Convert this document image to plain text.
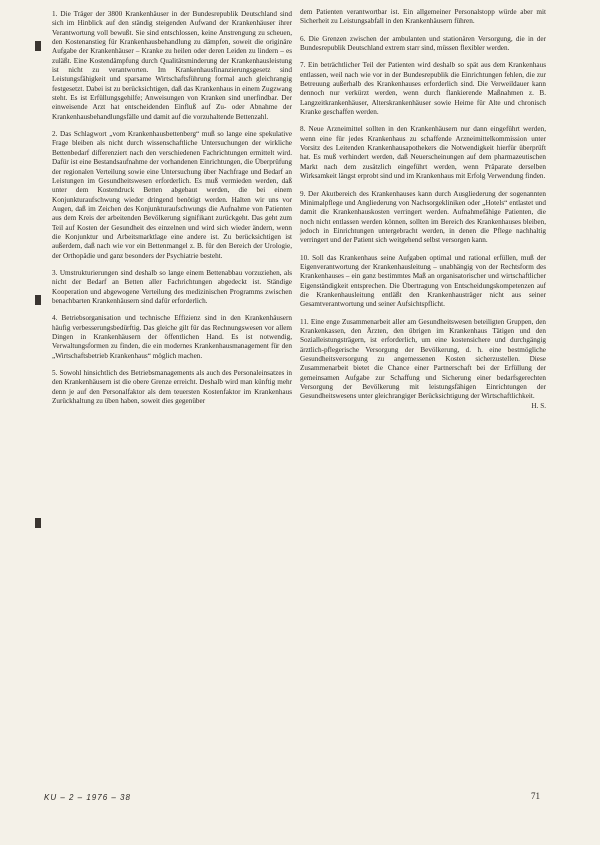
1. Die Träger der 3800 Krankenhäuser in der Bundesrepublik Deutschland sind sich im Hinblick auf den ständig steigenden Aufwand der Krankenhäuser ihrer Verantwortung voll bewußt. Sie sind entschlossen, keine Anstrengung zu scheuen, den Kostenanstieg für Krankenhausbehandlung zu dämpfen, soweit die originäre Aufgabe der Krankenhäuser – Kranke zu heilen oder deren Leiden zu lindern – es zuläßt. Eine Kostendämpfung durch Qualitätsminderung der Krankenhausleistung ist nicht zu verantworten. Im Krankenhausfinanzierungsgesetz sind Leistungsfähigkeit und sparsame Wirtschaftsführung formal auch gleichrangig festgesetzt. Dabei ist zu berücksichtigen, daß das Krankenhaus in einem Zugzwang steht. Es ist Erfüllungsgehilfe; Anweisungen von Kranken sind unerfindbar. Der einweisende Arzt hat entscheidenden Einfluß auf Zu- oder Abnahme der Krankenhausbehandlungsfälle und damit auf die vorzuhaltende Bettenzahl.

2. Das Schlagwort „vom Krankenhausbettenberg“ muß so lange eine spekulative Frage bleiben als nicht durch wissenschaftliche Untersuchungen der wirkliche Bettenbedarf differenziert nach den verschiedenen Fachrichtungen ermittelt wird. Dafür ist eine Bestandsaufnahme der vorhandenen Einrichtungen, die Überprüfung der regionalen Verteilung sowie eine Untersuchung über Nachfrage und Bedarf an Leistungen im Gesundheitswesen erforderlich. Es muß vermieden werden, daß unter dem Kostendruck Betten abgebaut werden, die bei einem Konjunkturaufschwung wieder dringend benötigt werden. Halten wir uns vor Augen, daß im Zeichen des Konjunkturaufschwungs die Aufnahme von Patienten aus dem Kreis der arbeitenden Bevölkerung signifikant zurückgeht. Das geht zum Teil auf Kosten der Gesundheit des einzelnen und wird sich wieder ändern, wenn die Konjunktur und Arbeitsmarktlage eine andere ist. Zu berücksichtigen ist außerdem, daß nach wie vor ein Bettenmangel z. B. für den Bereich der Urologie, der Orthopädie und ganz besonders der Psychiatrie besteht.

3. Umstrukturierungen sind deshalb so lange einem Bettenabbau vorzuziehen, als nicht der Bedarf an Betten aller Fachrichtungen abgedeckt ist. Ständige Kooperation und abgewogene Verteilung des medizinischen Programms zwischen benachbarten Krankenhäusern sind dafür erforderlich.

4. Betriebsorganisation und technische Effizienz sind in den Krankenhäusern häufig verbesserungsbedürftig. Das gleiche gilt für das Rechnungswesen vor allem Dingen in Krankenhäusern der öffentlichen Hand. Es ist notwendig, Verwaltungsformen zu finden, die ein modernes Krankenhausmanagement für den „Wirtschaftsbetrieb Krankenhaus“ möglich machen.

5. Sowohl hinsichtlich des Betriebsmanagements als auch des Personaleinsatzes in den Krankenhäusern ist die obere Grenze erreicht. Deshalb wird man künftig mehr denn je auf den Personalfaktor als dem teuersten Kostenfaktor im Krankenhaus Zurückhaltung zu üben haben, soweit dies gegenüber

dem Patienten verantwortbar ist. Ein allgemeiner Personalstopp würde aber mit Sicherheit zu Leistungsabfall in den Krankenhäusern führen.

6. Die Grenzen zwischen der ambulanten und stationären Versorgung, die in der Bundesrepublik Deutschland extrem starr sind, müssen flexibler werden.

7. Ein beträchtlicher Teil der Patienten wird deshalb so spät aus dem Krankenhaus entlassen, weil nach wie vor in der Bundesrepublik die Einrichtungen fehlen, die zur Betreuung außerhalb des Krankenhauses erforderlich sind. Die Verweildauer kann dennoch nur verkürzt werden, wenn durch flankierende Maßnahmen z. B. Langzeitkrankenhäuser, Alterskrankenhäuser sowie Heime für Alte und chronisch Kranke geschaffen werden.

8. Neue Arzneimittel sollten in den Krankenhäusern nur dann eingeführt werden, wenn eine für jedes Krankenhaus zu schaffende Arzneimittelkommission unter Vorsitz des Leitenden Krankenhausapothekers die Notwendigkeit hierfür überprüft hat. Es muß verhindert werden, daß Neuerscheinungen auf dem pharmazeutischen Markt nach dem zusätzlich eingeführt werden, wenn Präparate derselben Wirksamkeit längst erprobt sind und im Krankenhaus mit Erfolg Verwendung finden.

9. Der Akutbereich des Krankenhauses kann durch Ausgliederung der sogenannten Minimalpflege und Angliederung von Nachsorgekliniken oder „Hotels“ entlastet und damit die Krankenhauskosten verringert werden. Aufnahmefähige Patienten, die noch nicht entlassen werden können, sollten im Bereich des Krankenhauses bleiben, jedoch in Einrichtungen untergebracht werden, in denen die Pflege nachhaltig verringert und der Patient sich weitgehend selbst versorgen kann.

10. Soll das Krankenhaus seine Aufgaben optimal und rational erfüllen, muß der Eigenverantwortung der Krankenhausleitung – unabhängig von der Rechtsform des Krankenhauses – ein ganz bestimmtes Maß an organisatorischer und wirtschaftlicher Eigenständigkeit entsprechen. Die Übertragung von Entscheidungskompetenzen auf die Krankenhausleitung entläßt den Krankenhausträger nicht aus seiner Gesamtverantwortung und seiner Aufsichtspflicht.

11. Eine enge Zusammenarbeit aller am Gesundheitswesen beteiligten Gruppen, den Krankenkassen, den Ärzten, den übrigen im Krankenhaus Tätigen und den Sozialleistungsträgern, ist erforderlich, um eine kostensichere und durchgängig ärztlich-pflegerische Versorgung der Bevölkerung, d. h. eine bestmögliche Gesundheitsversorgung zu angemessenen Kosten sicherzustellen. Diese Zusammenarbeit bietet die Chance einer Partnerschaft bei der Erfüllung der gemeinsamen Aufgabe zur Schaffung und Sicherung einer bedarfsgerechten Versorgung der Bevölkerung mit leistungsfähigen Einrichtungen der Gesundheitswesens unter gleichrangiger Berücksichtigung der Wirtschaftlichkeit.
H. S.

KU – 2 – 1976 – 38	71
